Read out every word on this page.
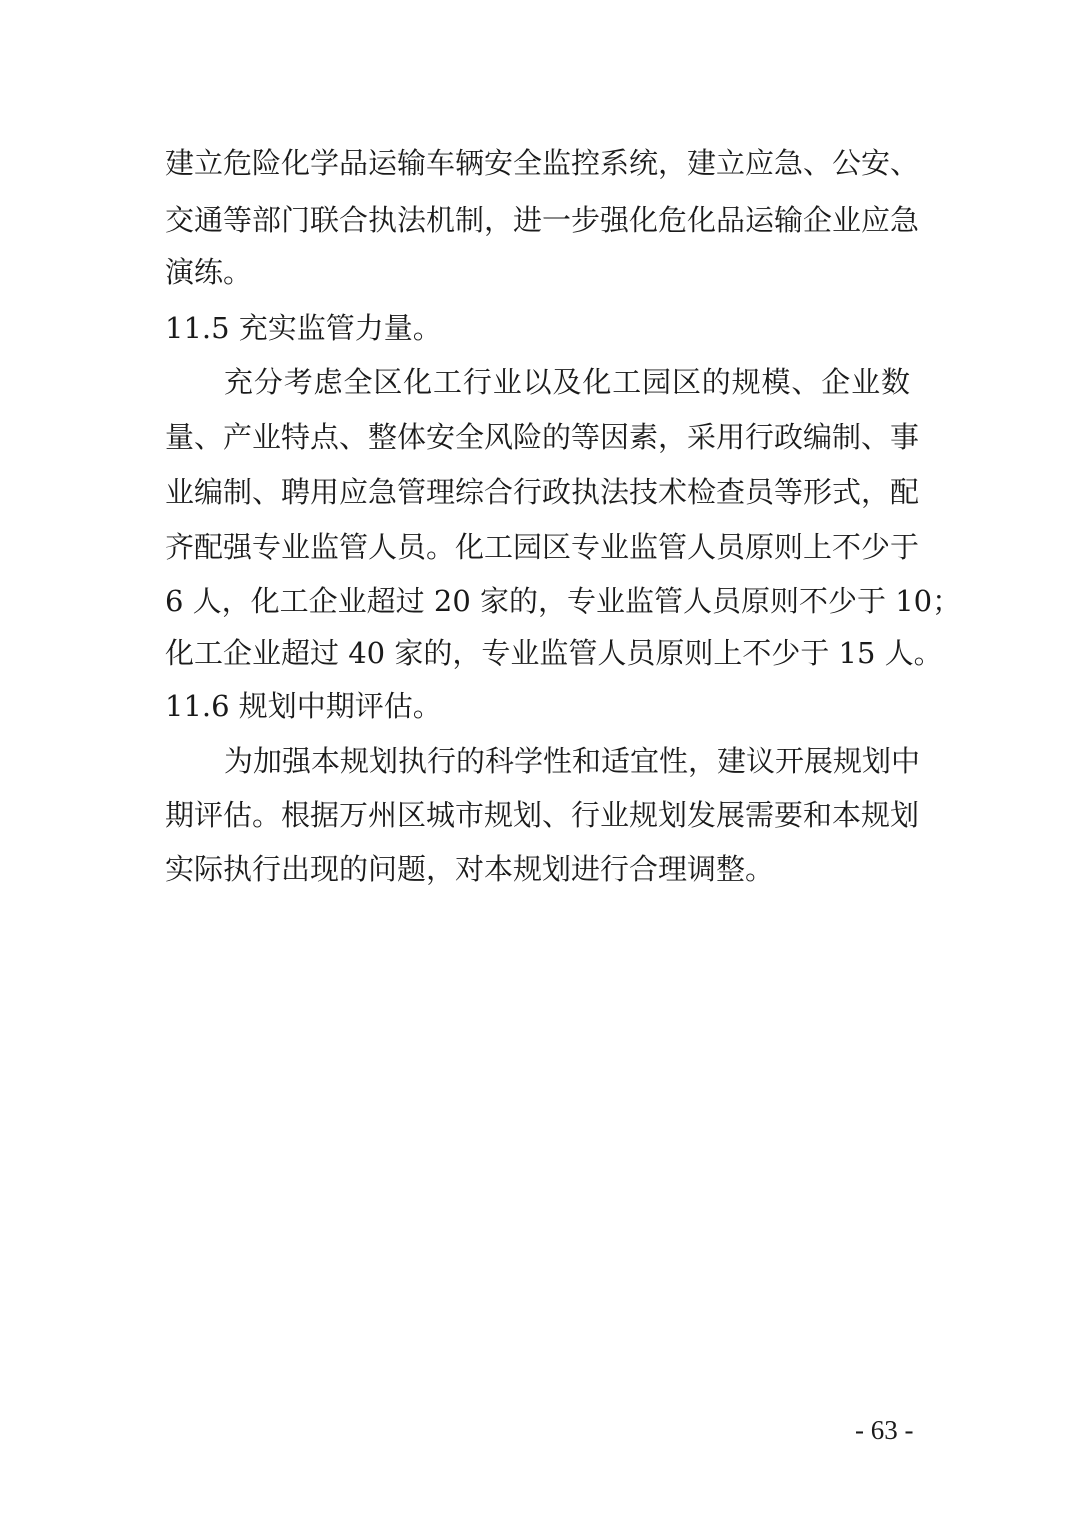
建立危险化学品运输车辆安全监控系统，建立应急、公安、
交通等部门联合执法机制，进一步强化危化品运输企业应急
演练。
11.5 充实监管力量。
充分考虑全区化工行业以及化工园区的规模、企业数
量、产业特点、整体安全风险的等因素，采用行政编制、事
业编制、聘用应急管理综合行政执法技术检查员等形式，配
齐配强专业监管人员。化工园区专业监管人员原则上不少于
6 人，化工企业超过 20 家的，专业监管人员原则不少于 10；
化工企业超过 40 家的，专业监管人员原则上不少于 15 人。
11.6 规划中期评估。
为加强本规划执行的科学性和适宜性，建议开展规划中
期评估。根据万州区城市规划、行业规划发展需要和本规划
实际执行出现的问题，对本规划进行合理调整。
- 63 -
